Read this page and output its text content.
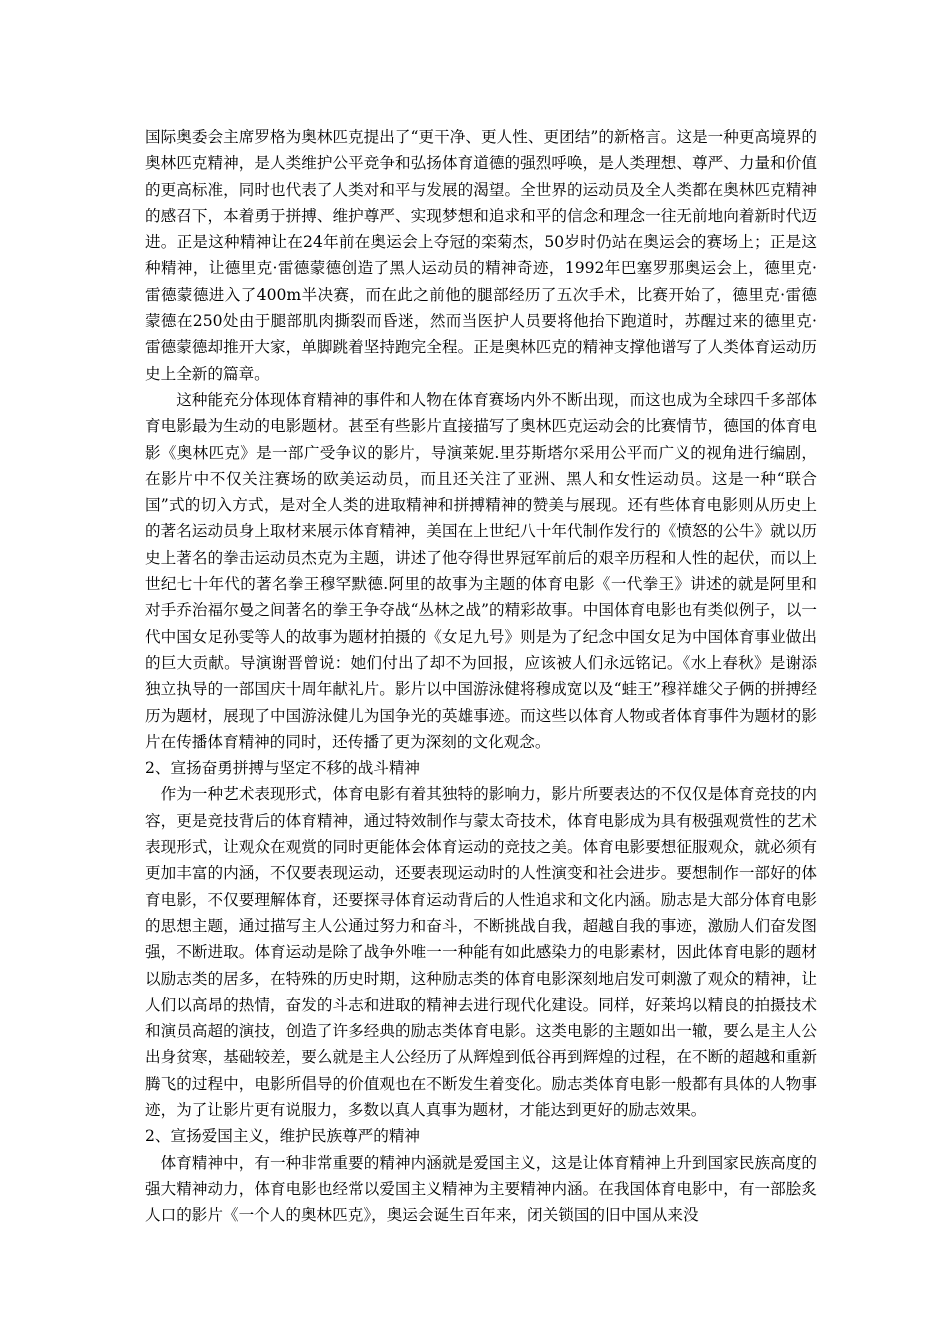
国际奥委会主席罗格为奥林匹克提出了“更干净、更人性、更团结”的新格言。这是一种更高境界的奥林匹克精神，是人类维护公平竞争和弘扬体育道德的强烈呼唤，是人类理想、尊严、力量和价值的更高标准，同时也代表了人类对和平与发展的渴望。全世界的运动员及全人类都在奥林匹克精神的感召下，本着勇于拼搏、维护尊严、实现梦想和追求和平的信念和理念一往无前地向着新时代迈进。正是这种精神让在24年前在奥运会上夺冠的栾菊杰，50岁时仍站在奥运会的赛场上；正是这种精神，让德里克·雷德蒙德创造了黑人运动员的精神奇迹，1992年巴塞罗那奥运会上，德里克·雷德蒙德进入了400m半决赛，而在此之前他的腿部经历了五次手术，比赛开始了，德里克·雷德蒙德在250处由于腿部肌肉撕裂而昏迷，然而当医护人员要将他抬下跑道时，苏醒过来的德里克·雷德蒙德却推开大家，单脚跳着坚持跑完全程。正是奥林匹克的精神支撑他谱写了人类体育运动历史上全新的篇章。

这种能充分体现体育精神的事件和人物在体育赛场内外不断出现，而这也成为全球四千多部体育电影最为生动的电影题材。甚至有些影片直接描写了奥林匹克运动会的比赛情节，德国的体育电影《奥林匹克》是一部广受争议的影片，导演莱妮.里芬斯塔尔采用公平而广义的视角进行编剧，在影片中不仅关注赛场的欧美运动员，而且还关注了亚洲、黑人和女性运动员。这是一种“联合国”式的切入方式，是对全人类的进取精神和拼搏精神的赞美与展现。还有些体育电影则从历史上的著名运动员身上取材来展示体育精神，美国在上世纪八十年代制作发行的《愤怒的公牛》就以历史上著名的拳击运动员杰克为主题，讲述了他夺得世界冠军前后的艰辛历程和人性的起伏，而以上世纪七十年代的著名拳王穆罕默德.阿里的故事为主题的体育电影《一代拳王》讲述的就是阿里和对手乔治福尔曼之间著名的拳王争夺战“丛林之战”的精彩故事。中国体育电影也有类似例子，以一代中国女足孙雯等人的故事为题材拍摄的《女足九号》则是为了纪念中国女足为中国体育事业做出的巨大贡献。导演谢晋曾说：她们付出了却不为回报，应该被人们永远铭记。《水上春秋》是谢添独立执导的一部国庆十周年献礼片。影片以中国游泳健将穆成宽以及“蛙王”穆祥雄父子俩的拼搏经历为题材，展现了中国游泳健儿为国争光的英雄事迹。而这些以体育人物或者体育事件为题材的影片在传播体育精神的同时，还传播了更为深刻的文化观念。

2、宣扬奋勇拼搏与坚定不移的战斗精神

作为一种艺术表现形式，体育电影有着其独特的影响力，影片所要表达的不仅仅是体育竞技的内容，更是竞技背后的体育精神，通过特效制作与蒙太奇技术，体育电影成为具有极强观赏性的艺术表现形式，让观众在观赏的同时更能体会体育运动的竞技之美。体育电影要想征服观众，就必须有更加丰富的内涵，不仅要表现运动，还要表现运动时的人性演变和社会进步。要想制作一部好的体育电影，不仅要理解体育，还要探寻体育运动背后的人性追求和文化内涵。励志是大部分体育电影的思想主题，通过描写主人公通过努力和奋斗，不断挑战自我，超越自我的事迹，激励人们奋发图强，不断进取。体育运动是除了战争外唯一一种能有如此感染力的电影素材，因此体育电影的题材以励志类的居多，在特殊的历史时期，这种励志类的体育电影深刻地启发可刺激了观众的精神，让人们以高昂的热情，奋发的斗志和进取的精神去进行现代化建设。同样，好莱坞以精良的拍摄技术和演员高超的演技，创造了许多经典的励志类体育电影。这类电影的主题如出一辙，要么是主人公出身贫寒，基础较差，要么就是主人公经历了从辉煌到低谷再到辉煌的过程，在不断的超越和重新腾飞的过程中，电影所倡导的价值观也在不断发生着变化。励志类体育电影一般都有具体的人物事迹，为了让影片更有说服力，多数以真人真事为题材，才能达到更好的励志效果。

2、宣扬爱国主义，维护民族尊严的精神

体育精神中，有一种非常重要的精神内涵就是爱国主义，这是让体育精神上升到国家民族高度的强大精神动力，体育电影也经常以爱国主义精神为主要精神内涵。在我国体育电影中，有一部脍炙人口的影片《一个人的奥林匹克》，奥运会诞生百年来，闭关锁国的旧中国从来没
